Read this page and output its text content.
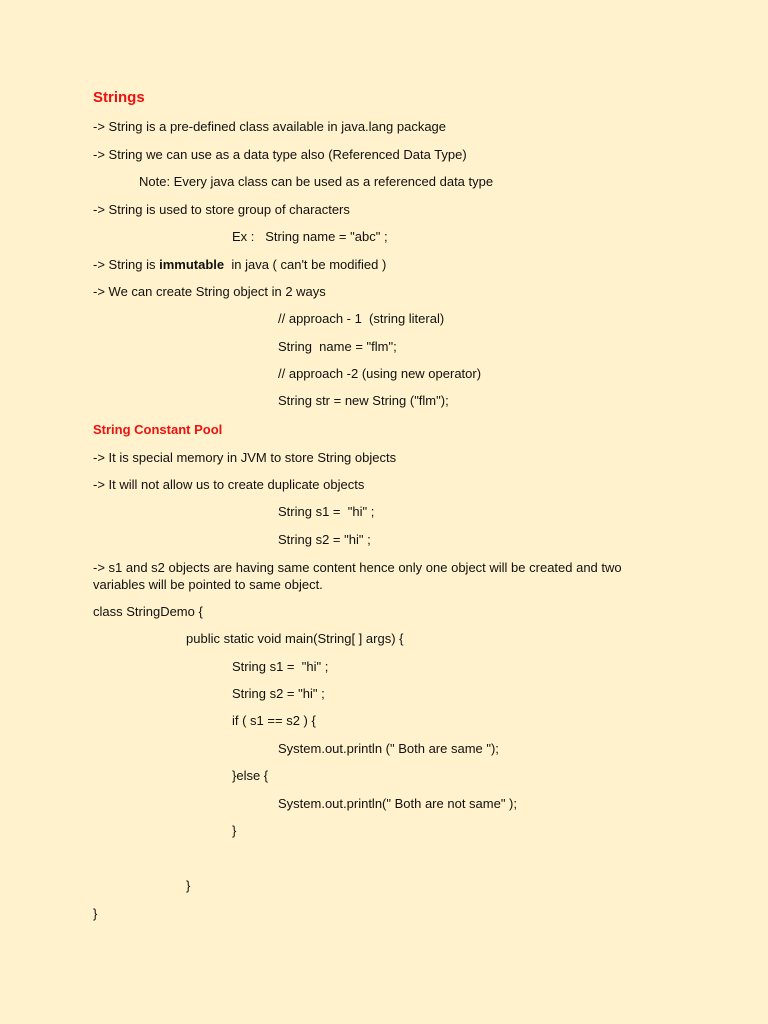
Strings
-> String is a pre-defined class available in java.lang package
-> String we can use as a data type also (Referenced Data Type)
Note: Every java class can be used as a referenced data type
-> String is used to store group of characters
Ex :   String name = "abc" ;
-> String is immutable  in java ( can't be modified )
-> We can create String object in 2 ways
// approach - 1  (string literal)
String  name = "flm";
// approach -2 (using new operator)
String str = new String ("flm");
String Constant Pool
-> It is special memory in JVM to store String objects
-> It will not allow us to create duplicate objects
String s1 =  "hi" ;
String s2 = "hi" ;
-> s1 and s2 objects are having same content hence only one object will be created and two variables will be pointed to same object.
class StringDemo {
public static void main(String[ ] args) {
String s1 =  "hi" ;
String s2 = "hi" ;
if ( s1 == s2 ) {
System.out.println (" Both are same ");
}else {
System.out.println(" Both are not same" );
}
}
}
